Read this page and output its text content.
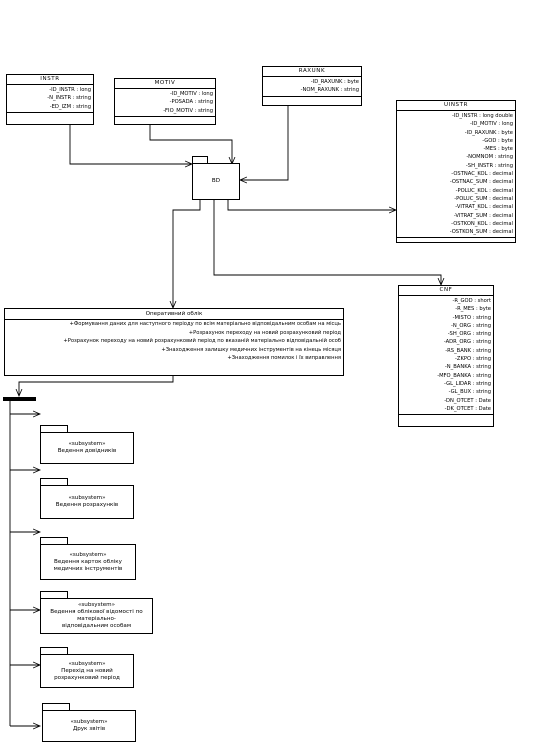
INSTR
-ID_INSTR : long
-N_INSTR : string
-ED_IZM : string
MOTIV
-ID_MOTIV : long
-POSADA : string
-FIO_MOTIV : string
RAXUNK
-ID_RAXUNK : byte
-NOM_RAXUNK : string
UINSTR
-ID_INSTR : long double
-ID_MOTIV : long
-ID_RAXUNK : byte
-GOD : byte
-MES : byte
-NOMNOM : string
-SH_INSTR : string
-OSTNAC_KOL : decimal
-OSTNAC_SUM : decimal
-POLUC_KOL : decimal
-POLUC_SUM : decimal
-VITRAT_KOL : decimal
-VITRAT_SUM : decimal
-OSTKON_KOL : decimal
-OSTKON_SUM : decimal
BD
CNF
-R_GOD : short
-R_MES : byte
-MISTO : string
-N_ORG : string
-SH_ORG : string
-ADR_ORG : string
-RS_BANK : string
-ZKPO : string
-N_BANKA : string
-MFO_BANKA : string
-GL_LIDAR : string
-GL_BUX : string
-DN_OTCET : Date
-DK_OTCET : Date
Оперативний облік
+Формування даних для наступного періоду по всім матеріально відповідальним особам на місць
+Розрахунок переходу на новий розрахунковий період
+Розрахунок переходу на новий розрахунковий період по вказаній матеріально відповідальній особ
+Знаходження залишку медичних інструментів на кінець місяця
+Знаходження помилок і їх виправлення
«subsystem»
Ведення довідників
«subsystem»
Ведення розрахунків
«subsystem»
Ведення карток обліку
медичних інструментів
«subsystem»
Ведення облікової відомості по
матеріально-
відповідальним особам
«subsystem»
Перехід на новий
розрахунковий період
«subsystem»
Друк звітів
